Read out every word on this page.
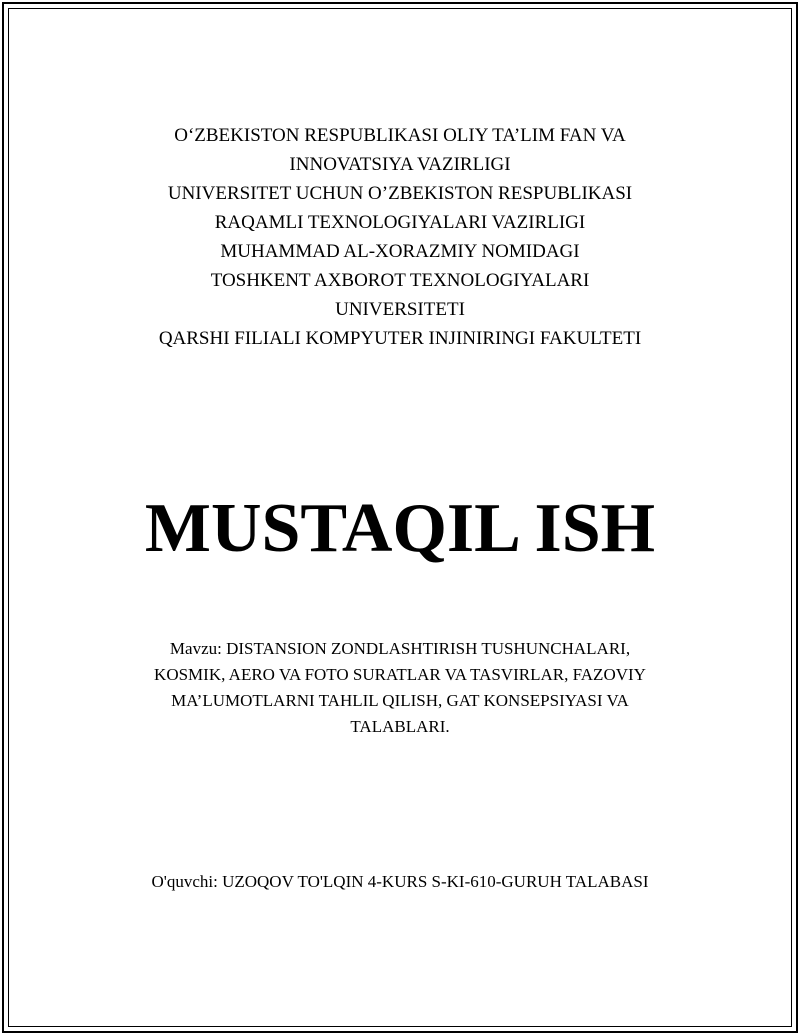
O‘ZBEKISTON RESPUBLIKASI OLIY TA’LIM FAN VA
INNOVATSIYA VAZIRLIGI
UNIVERSITET UCHUN O’ZBEKISTON RESPUBLIKASI
RAQAMLI TEXNOLOGIYALARI VAZIRLIGI
MUHAMMAD AL-XORAZMIY NOMIDAGI
TOSHKENT AXBOROT TEXNOLOGIYALARI
UNIVERSITETI
QARSHI FILIALI KOMPYUTER INJINIRINGI FAKULTETI
MUSTAQIL ISH
Mavzu: DISTANSION ZONDLASHTIRISH TUSHUNCHALARI,
KOSMIK, AERO VA FOTO SURATLAR VA TASVIRLAR, FAZOVIY
MA’LUMOTLARNI TAHLIL QILISH, GAT KONSEPSIYASI VA
TALABLARI.
O'quvchi: UZOQOV TO'LQIN 4-KURS S-KI-610-GURUH TALABASI
